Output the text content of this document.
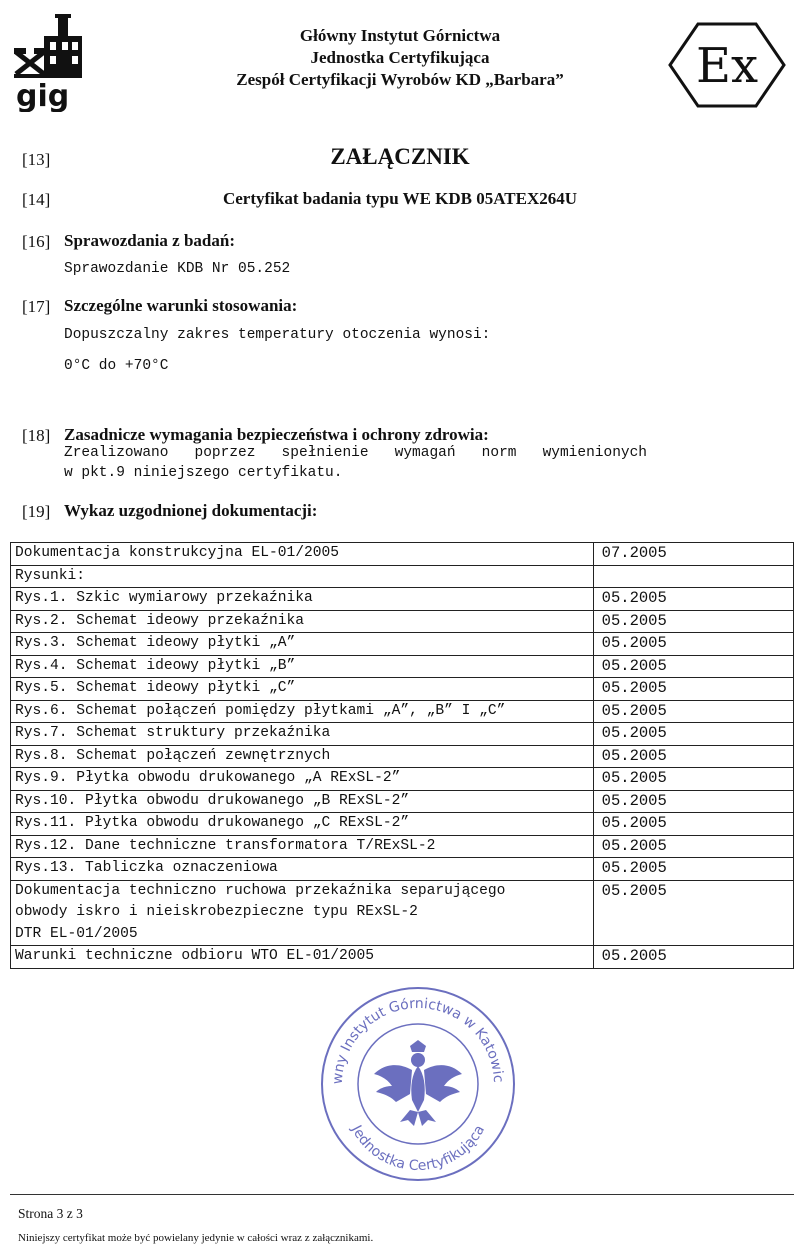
gig
Główny Instytut Górnictwa
Jednostka Certyfikująca
Zespół Certyfikacji Wyrobów KD „Barbara”	Ex
[13]	ZAŁĄCZNIK
[14]	Certyfikat badania typu WE KDB 05ATEX264U
[16] Sprawozdania z badań:
Sprawozdanie KDB Nr 05.252
[17] Szczególne warunki stosowania:
Dopuszczalny zakres temperatury otoczenia wynosi:
0°C do +70°C
[18] Zasadnicze wymagania bezpieczeństwa i ochrony zdrowia:
Zrealizowano   poprzez   spełnienie   wymagań   norm   wymienionych
w pkt.9 niniejszego certyfikatu.
[19] Wykaz uzgodnionej dokumentacji:
Dokumentacja konstrukcyjna EL-01/2005	07.2005
Rysunki:	
Rys.1. Szkic wymiarowy przekaźnika	05.2005
Rys.2. Schemat ideowy przekaźnika	05.2005
Rys.3. Schemat ideowy płytki „A”	05.2005
Rys.4. Schemat ideowy płytki „B”	05.2005
Rys.5. Schemat ideowy płytki „C”	05.2005
Rys.6. Schemat połączeń pomiędzy płytkami „A”, „B” I „C”	05.2005
Rys.7. Schemat struktury przekaźnika	05.2005
Rys.8. Schemat połączeń zewnętrznych	05.2005
Rys.9. Płytka obwodu drukowanego „A RExSL-2”	05.2005
Rys.10. Płytka obwodu drukowanego „B RExSL-2”	05.2005
Rys.11. Płytka obwodu drukowanego „C RExSL-2”	05.2005
Rys.12. Dane techniczne transformatora T/RExSL-2	05.2005
Rys.13. Tabliczka oznaczeniowa	05.2005
Dokumentacja techniczno ruchowa przekaźnika separującego
obwody iskro i nieiskrobezpieczne typu RExSL-2
DTR EL-01/2005	05.2005
Warunki techniczne odbioru WTO EL-01/2005	05.2005
wny Instytut Górnictwa w Katowic
Jednostka Certyfikująca
Strona 3 z 3
Niniejszy certyfikat może być powielany jedynie w całości wraz z załącznikami.
